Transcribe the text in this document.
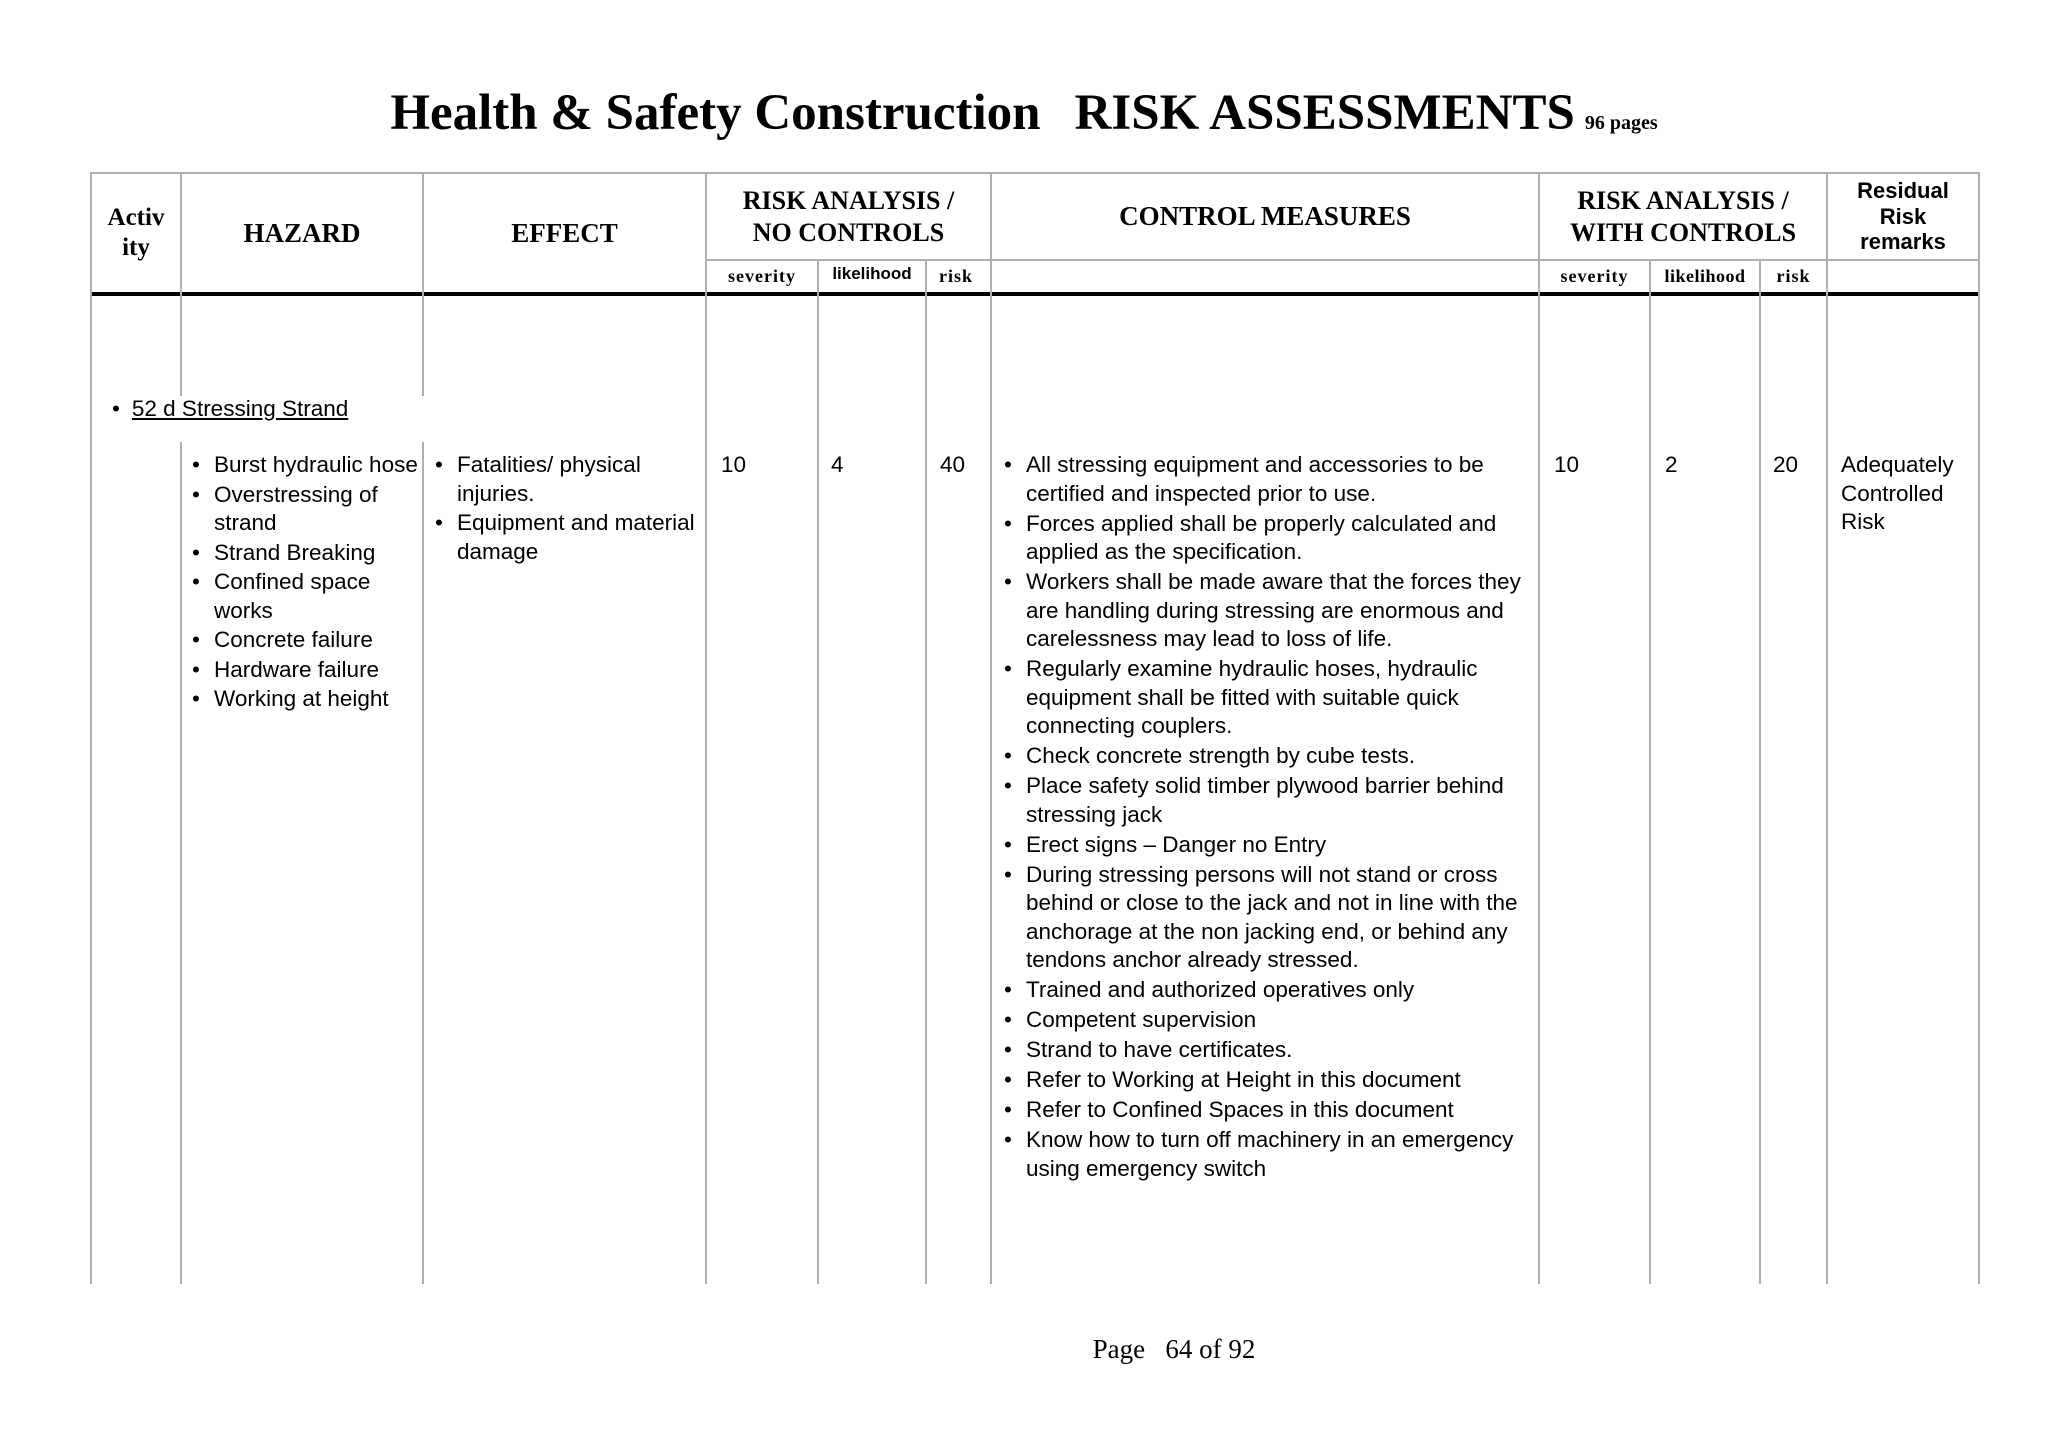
Health & Safety Construction RISK ASSESSMENTS 96 pages
Activ ity	HAZARD	EFFECT
RISK ANALYSIS / NO CONTROLS
CONTROL MEASURES
RISK ANALYSIS / WITH CONTROLS
Residual Risk remarks
severity	likelihood	risk	severity	likelihood	risk
• 52 d Stressing Strand
• Burst hydraulic hose
• Overstressing of strand
• Strand Breaking
• Confined space works
• Concrete failure
• Hardware failure
• Working at height
• Fatalities/ physical injuries.
• Equipment and material damage
10	4	40
•	All stressing equipment and accessories to be certified and inspected prior to use.
• Forces applied shall be properly calculated and applied as the specification.
• Workers shall be made aware that the forces they are handling during stressing are enormous and carelessness may lead to loss of life.
• Regularly examine hydraulic hoses, hydraulic equipment shall be fitted with suitable quick connecting couplers.
• Check concrete strength by cube tests.
• Place safety solid timber plywood barrier behind stressing jack
• Erect signs – Danger no Entry
• During stressing persons will not stand or cross behind or close to the jack and not in line with the anchorage at the non jacking end, or behind any tendons anchor already stressed.
• Trained and authorized operatives only
• Competent supervision
• Strand to have certificates.
• Refer to Working at Height in this document
• Refer to Confined Spaces in this document
• Know how to turn off machinery in an emergency using emergency switch
10	2	20 Adequately Controlled Risk
Page   64 of 92
